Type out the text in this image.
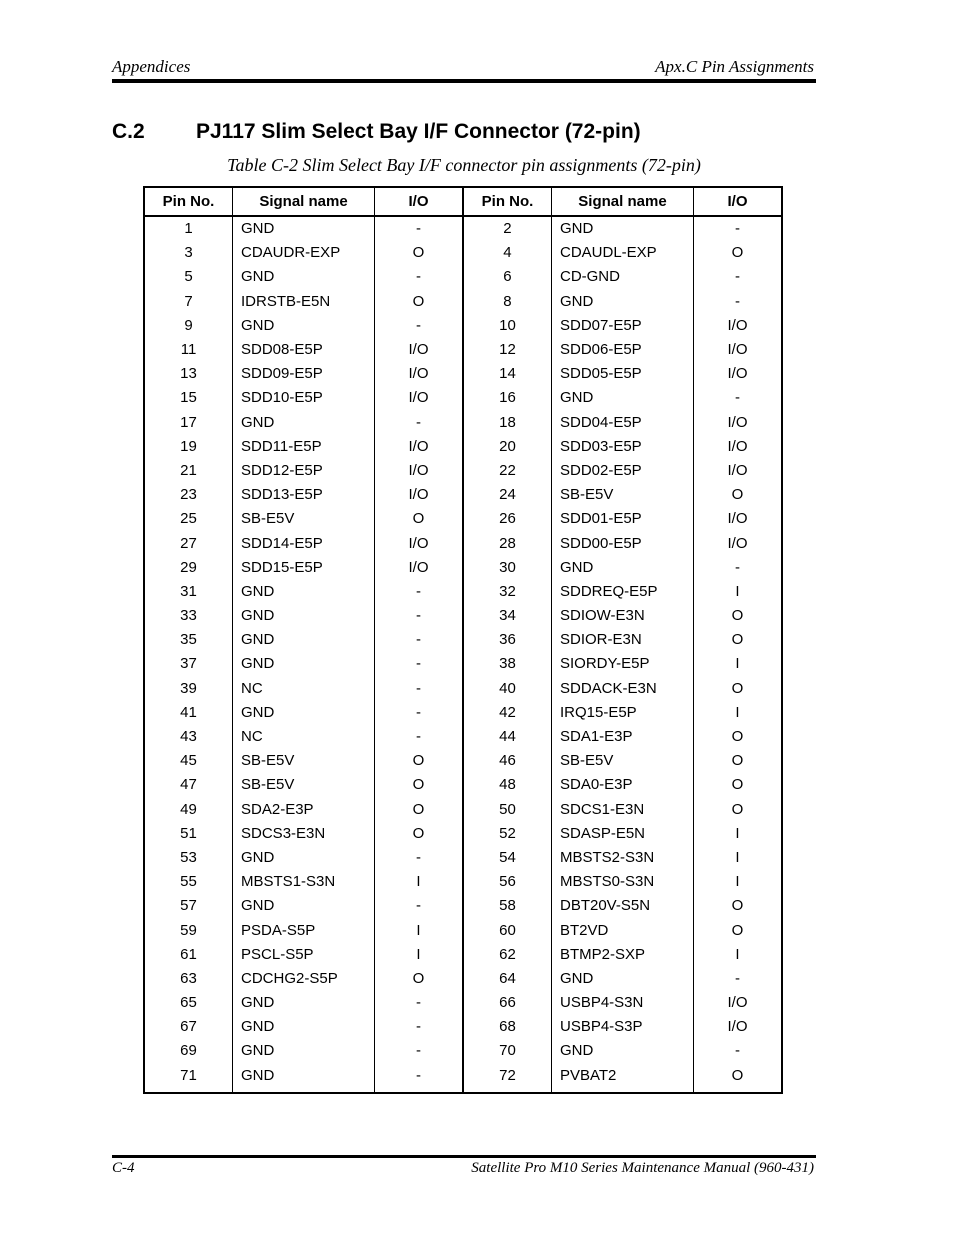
Appendices	Apx.C Pin Assignments
C.2 PJ117 Slim Select Bay I/F Connector (72-pin)
Table C-2 Slim Select Bay I/F connector pin assignments (72-pin)
Pin No.	Signal name	I/O	Pin No.	Signal name	I/O
1	GND	-	2	GND	-
3	CDAUDR-EXP	O	4	CDAUDL-EXP	O
5	GND	-	6	CD-GND	-
7	IDRSTB-E5N	O	8	GND	-
9	GND	-	10	SDD07-E5P	I/O
11	SDD08-E5P	I/O	12	SDD06-E5P	I/O
13	SDD09-E5P	I/O	14	SDD05-E5P	I/O
15	SDD10-E5P	I/O	16	GND	-
17	GND	-	18	SDD04-E5P	I/O
19	SDD11-E5P	I/O	20	SDD03-E5P	I/O
21	SDD12-E5P	I/O	22	SDD02-E5P	I/O
23	SDD13-E5P	I/O	24	SB-E5V	O
25	SB-E5V	O	26	SDD01-E5P	I/O
27	SDD14-E5P	I/O	28	SDD00-E5P	I/O
29	SDD15-E5P	I/O	30	GND	-
31	GND	-	32	SDDREQ-E5P	I
33	GND	-	34	SDIOW-E3N	O
35	GND	-	36	SDIOR-E3N	O
37	GND	-	38	SIORDY-E5P	I
39	NC	-	40	SDDACK-E3N	O
41	GND	-	42	IRQ15-E5P	I
43	NC	-	44	SDA1-E3P	O
45	SB-E5V	O	46	SB-E5V	O
47	SB-E5V	O	48	SDA0-E3P	O
49	SDA2-E3P	O	50	SDCS1-E3N	O
51	SDCS3-E3N	O	52	SDASP-E5N	I
53	GND	-	54	MBSTS2-S3N	I
55	MBSTS1-S3N	I	56	MBSTS0-S3N	I
57	GND	-	58	DBT20V-S5N	O
59	PSDA-S5P	I	60	BT2VD	O
61	PSCL-S5P	I	62	BTMP2-SXP	I
63	CDCHG2-S5P	O	64	GND	-
65	GND	-	66	USBP4-S3N	I/O
67	GND	-	68	USBP4-S3P	I/O
69	GND	-	70	GND	-
71	GND	-	72	PVBAT2	O
C-4	Satellite Pro M10 Series Maintenance Manual (960-431)
